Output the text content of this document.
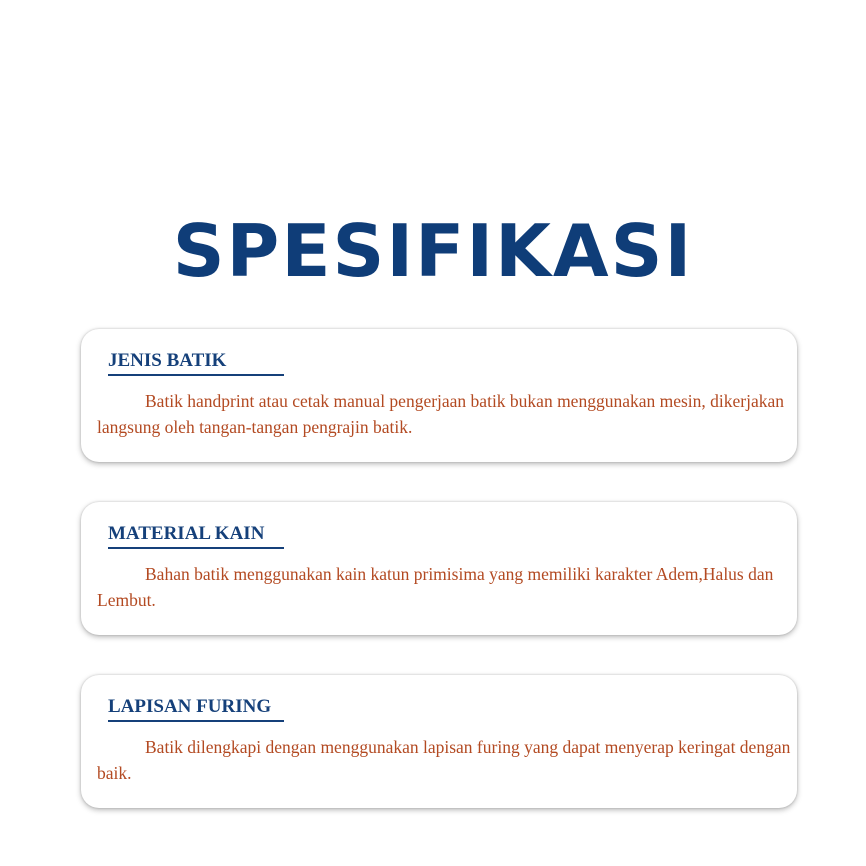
SPESIFIKASI
JENIS BATIK

Batik handprint atau cetak manual pengerjaan batik bukan menggunakan mesin, dikerjakan langsung oleh tangan-tangan pengrajin batik.

MATERIAL KAIN

Bahan batik menggunakan kain katun primisima yang memiliki karakter Adem,Halus dan Lembut.

LAPISAN FURING

Batik dilengkapi dengan menggunakan lapisan furing yang dapat menyerap keringat dengan baik.
